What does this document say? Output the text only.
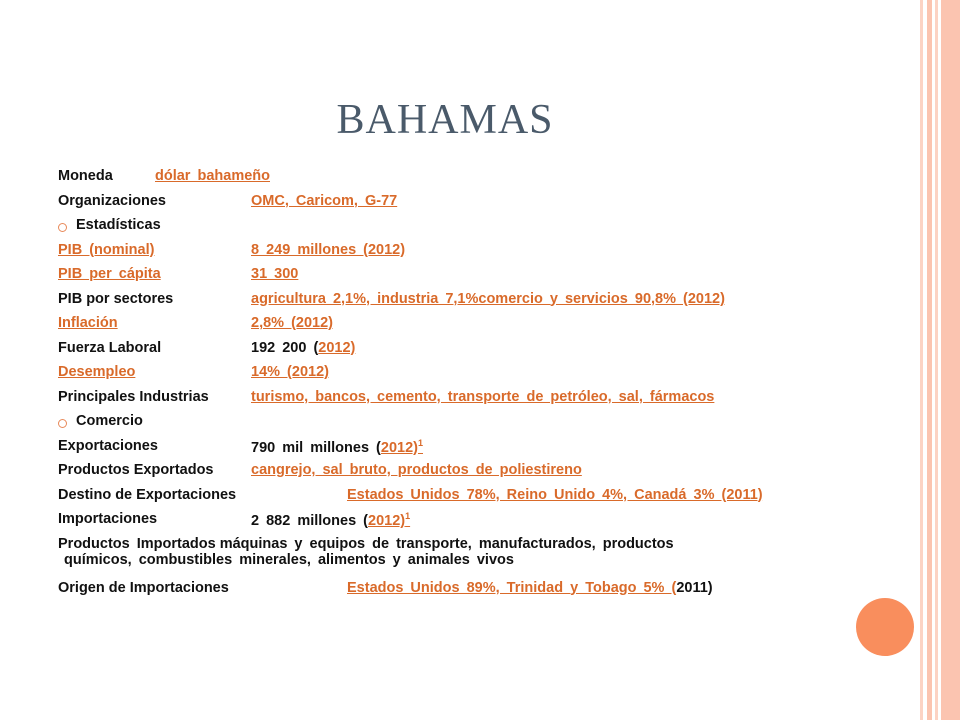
BAHAMAS
Moneda	dólar bahameño
Organizaciones	OMC, Caricom, G-77
Estadísticas
PIB (nominal)	8 249 millones (2012)
PIB per cápita	31 300
PIB por sectores	agricultura 2,1%, industria 7,1%comercio y servicios 90,8% (2012)
Inflación	2,8% (2012)
Fuerza Laboral	192 200 (2012)
Desempleo	14% (2012)
Principales Industrias	turismo, bancos, cemento, transporte de petróleo, sal, fármacos
Comercio
Exportaciones	790 mil millones $(2012)^1$
Productos Exportados	cangrejo, sal bruto, productos de poliestireno
Destino de Exportaciones	Estados Unidos 78%, Reino Unido 4%, Canadá 3% (2011)
Importaciones	2 882 millones $(2012)^1$
Productos Importados máquinas y equipos de transporte, manufacturados, productos
químicos, combustibles minerales, alimentos y animales vivos
Origen de Importaciones	Estados Unidos 89%, Trinidad y Tobago 5% (2011)
